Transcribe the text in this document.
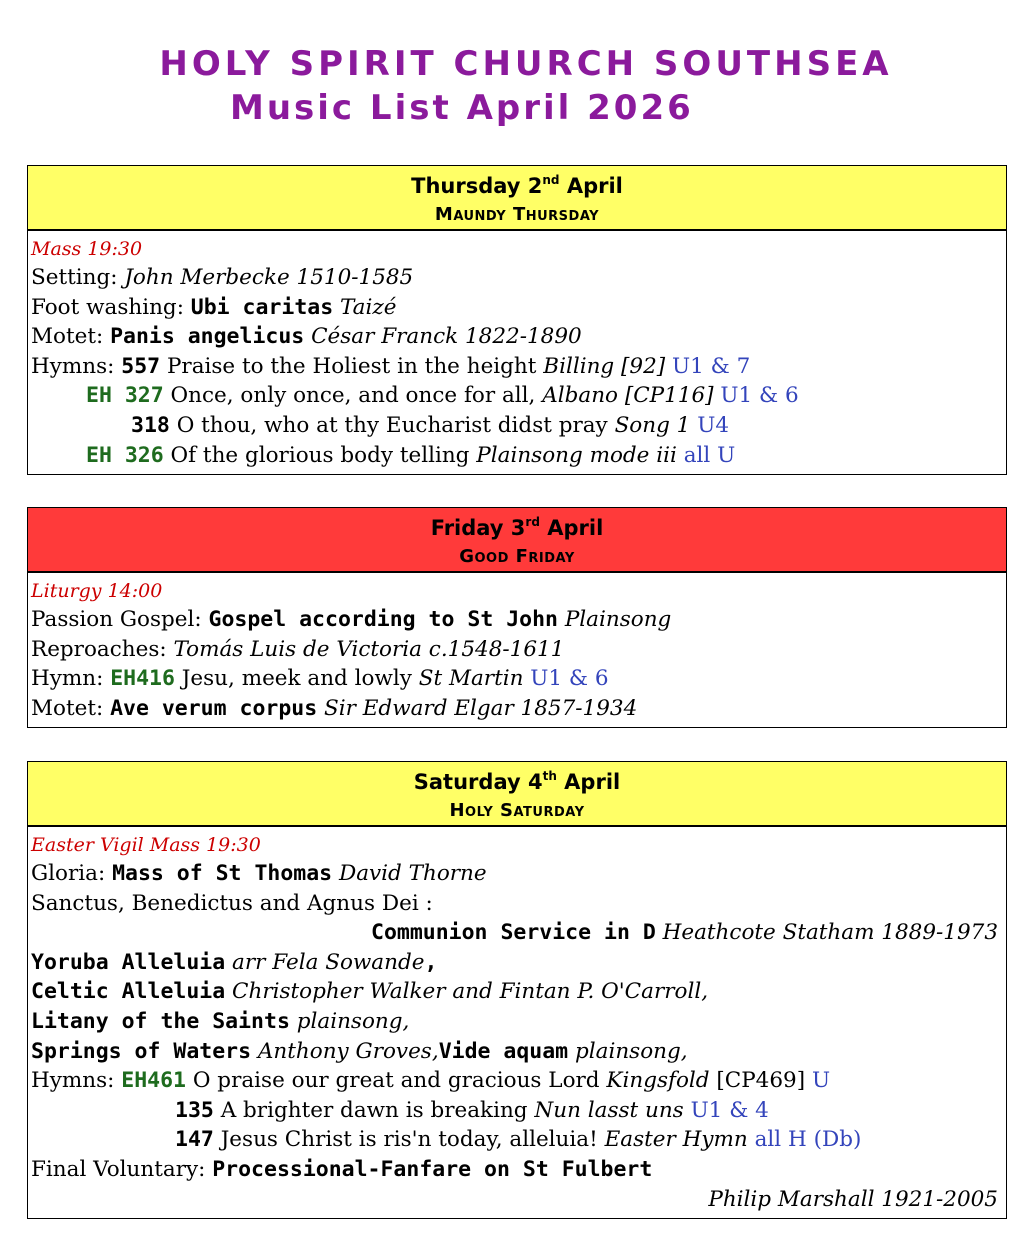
HOLY SPIRIT CHURCH SOUTHSEA
Music List April 2026
Thursday 2nd April
Maundy Thursday
Mass 19:30
Setting: John Merbecke 1510-1585
Foot washing: Ubi caritas Taizé
Motet: Panis angelicus César Franck 1822-1890
Hymns: 557 Praise to the Holiest in the height Billing [92] U1 & 7
EH 327 Once, only once, and once for all, Albano [CP116] U1 & 6
318 O thou, who at thy Eucharist didst pray Song 1 U4
EH 326 Of the glorious body telling Plainsong mode iii all U
Friday 3rd April
Good Friday
Liturgy 14:00
Passion Gospel: Gospel according to St John Plainsong
Reproaches: Tomás Luis de Victoria c.1548-1611
Hymn: EH416 Jesu, meek and lowly St Martin U1 & 6
Motet: Ave verum corpus Sir Edward Elgar 1857-1934
Saturday 4th April
Holy Saturday
Easter Vigil Mass 19:30
Gloria: Mass of St Thomas David Thorne
Sanctus, Benedictus and Agnus Dei :
Communion Service in D Heathcote Statham 1889-1973
Yoruba Alleluia arr Fela Sowande,
Celtic Alleluia Christopher Walker and Fintan P. O'Carroll,
Litany of the Saints plainsong,
Springs of Waters Anthony Groves,Vide aquam plainsong,
Hymns: EH461 O praise our great and gracious Lord Kingsfold [CP469] U
135 A brighter dawn is breaking Nun lasst uns U1 & 4
147 Jesus Christ is ris'n today, alleluia! Easter Hymn all H (Db)
Final Voluntary: Processional-Fanfare on St Fulbert
Philip Marshall 1921-2005
